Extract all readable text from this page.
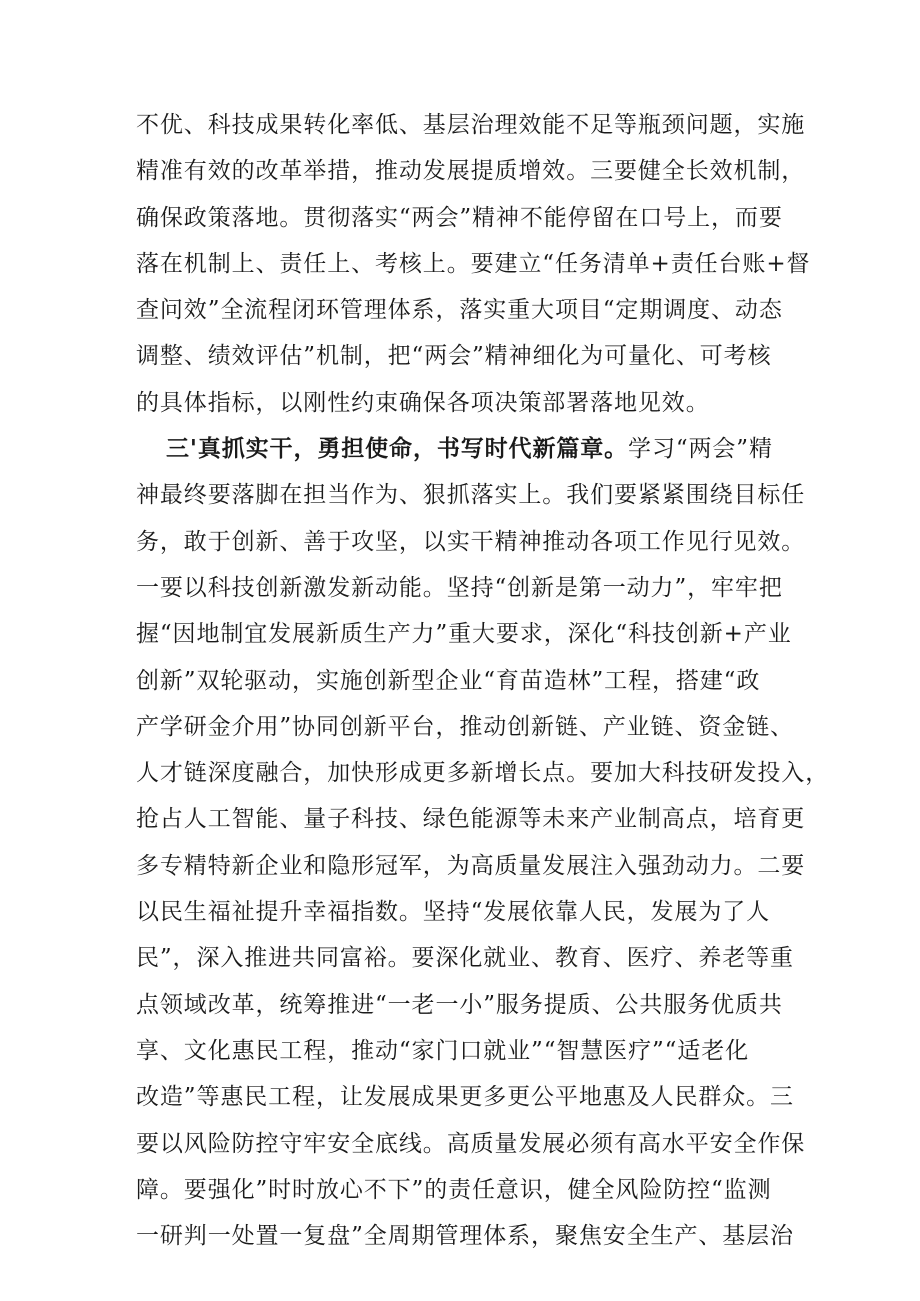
不优、科技成果转化率低、基层治理效能不足等瓶颈问题，实施
精准有效的改革举措，推动发展提质增效。三要健全长效机制，
确保政策落地。贯彻落实“两会”精神不能停留在口号上，而要
落在机制上、责任上、考核上。要建立“任务清单+责任台账+督
查问效”全流程闭环管理体系，落实重大项目“定期调度、动态
调整、绩效评估”机制，把“两会”精神细化为可量化、可考核
的具体指标，以刚性约束确保各项决策部署落地见效。
三'真抓实干，勇担使命，书写时代新篇章。学习“两会”精
神最终要落脚在担当作为、狠抓落实上。我们要紧紧围绕目标任
务，敢于创新、善于攻坚，以实干精神推动各项工作见行见效。
一要以科技创新激发新动能。坚持“创新是第一动力”，牢牢把
握“因地制宜发展新质生产力”重大要求，深化“科技创新+产业
创新”双轮驱动，实施创新型企业“育苗造林”工程，搭建“政
产学研金介用”协同创新平台，推动创新链、产业链、资金链、
人才链深度融合，加快形成更多新增长点。要加大科技研发投入，
抢占人工智能、量子科技、绿色能源等未来产业制高点，培育更
多专精特新企业和隐形冠军，为高质量发展注入强劲动力。二要
以民生福祉提升幸福指数。坚持“发展依靠人民，发展为了人
民”，深入推进共同富裕。要深化就业、教育、医疗、养老等重
点领域改革，统筹推进“一老一小”服务提质、公共服务优质共
享、文化惠民工程，推动“家门口就业”“智慧医疗”“适老化
改造”等惠民工程，让发展成果更多更公平地惠及人民群众。三
要以风险防控守牢安全底线。高质量发展必须有高水平安全作保
障。要强化”时时放心不下”的责任意识，健全风险防控“监测
一研判一处置一复盘”全周期管理体系，聚焦安全生产、基层治
